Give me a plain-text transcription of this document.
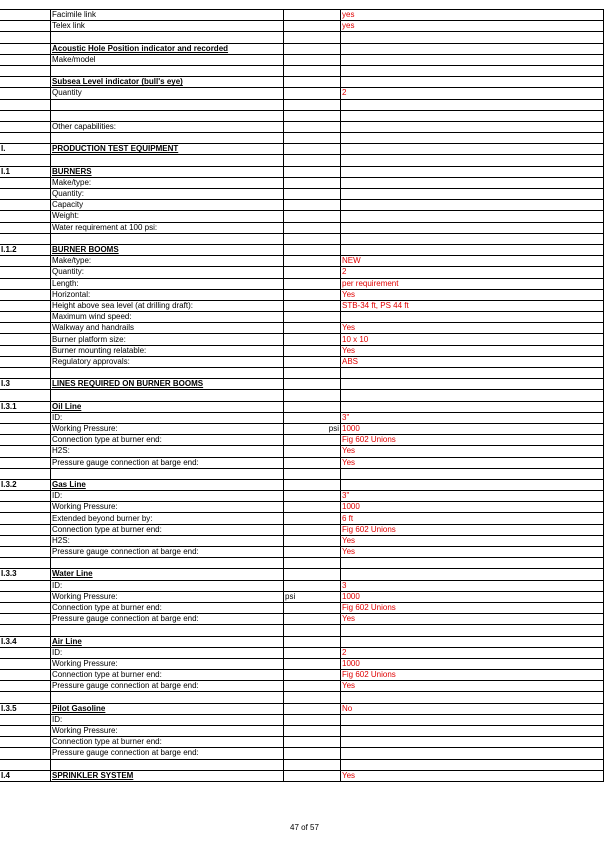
	Facimile link		yes
	Telex link		yes

	Acoustic Hole Position indicator and recorded		
	Make/model		

	Subsea Level indicator (bull's eye)		
	Quantity		2

	Other capabilities:		

I.	PRODUCTION TEST EQUIPMENT		

I.1	BURNERS		
	Make/type:		
	Quantity:		
	Capacity		
	Weight:		
	Water requirement at 100 psi:		

I.1.2	BURNER BOOMS		
	Make/type:		NEW
	Quantity:		2
	Length:		per requirement
	Horizontal:		Yes
	Height above sea level (at drilling draft):		STB-34 ft, PS 44 ft
	Maximum wind speed:		
	Walkway and handrails		Yes
	Burner platform size:		10 x 10
	Burner mounting relatable:		Yes
	Regulatory approvals:		ABS

I.3	LINES REQUIRED ON BURNER BOOMS		

I.3.1	Oil Line		
	ID:		3"
	Working Pressure:	psi	1000
	Connection type at burner end:		Fig 602 Unions
	H2S:		Yes
	Pressure gauge connection at barge end:		Yes

I.3.2	Gas Line		
	ID:		3"
	Working Pressure:		1000
	Extended beyond burner by:		6 ft
	Connection type at burner end:		Fig 602 Unions
	H2S:		Yes
	Pressure gauge connection at barge end:		Yes

I.3.3	Water Line		
	ID:		3
	Working Pressure:	psi	1000
	Connection type at burner end:		Fig 602 Unions
	Pressure gauge connection at barge end:		Yes

I.3.4	Air Line		
	ID:		2
	Working Pressure:		1000
	Connection type at burner end:		Fig 602 Unions
	Pressure gauge connection at barge end:		Yes

I.3.5	Pilot Gasoline		No
	ID:		
	Working Pressure:		
	Connection type at burner end:		
	Pressure gauge connection at barge end:		

I.4	SPRINKLER SYSTEM		Yes
47 of 57
